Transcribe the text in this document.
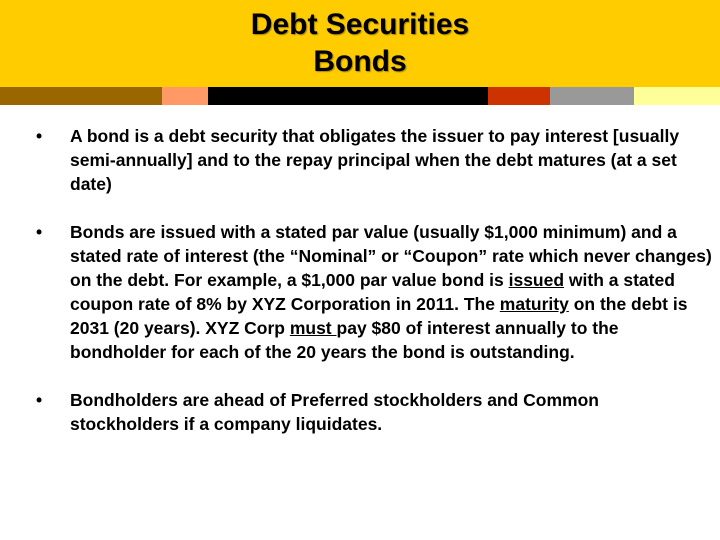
Debt Securities
Bonds
•	A bond is a debt security that obligates the issuer to pay interest [usually semi-annually] and to the repay principal when the debt matures (at a set date)
•	Bonds are issued with a stated par value (usually $1,000 minimum) and a stated rate of interest (the “Nominal” or “Coupon” rate which never changes) on the debt. For example, a $1,000 par value bond is issued with a stated coupon rate of 8% by XYZ Corporation in 2011. The maturity on the debt is 2031 (20 years). XYZ Corp must pay $80 of interest annually to the bondholder for each of the 20 years the bond is outstanding.
•	Bondholders are ahead of Preferred stockholders and Common stockholders if a company liquidates.
